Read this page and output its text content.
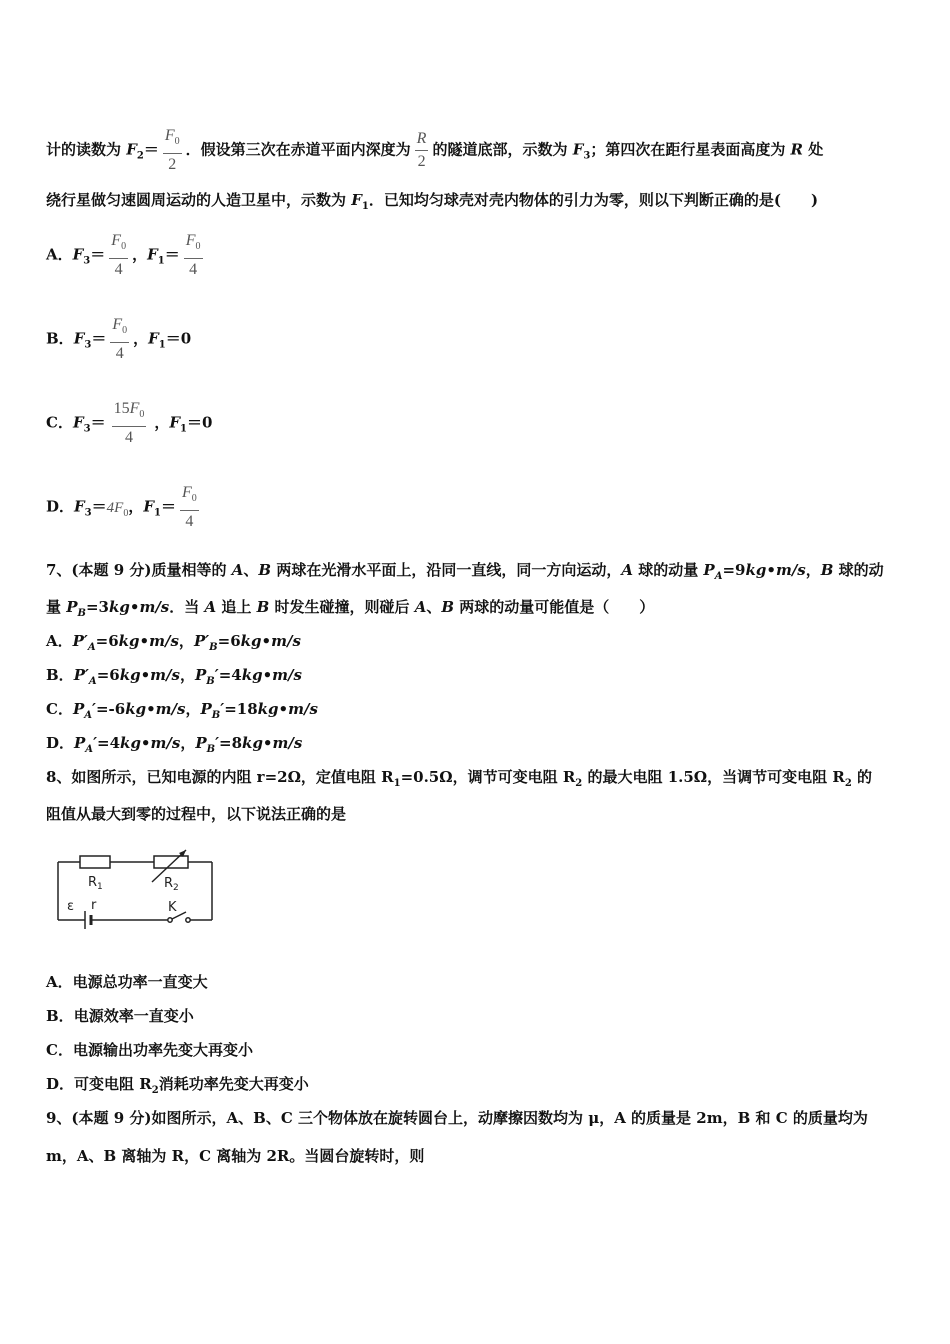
计的读数为 $F_2= \frac{F_0}{2}$ ．假设第三次在赤道平面内深度为 $\frac{R}{2}$ 的隧道底部，示数为 $F_3$；第四次在距行星表面高度为 R 处
绕行星做匀速圆周运动的人造卫星中，示数为 $F_1$．已知均匀球壳对壳内物体的引力为零，则以下判断正确的是(　　)
A．$F_3= \frac{F_0}{4}$ ，$F_1= \frac{F_0}{4}$
B．$F_3= \frac{F_0}{4}$ ，$F_1=0$
C．$F_3= \frac{15F_0}{4}$ ，$F_1=0$
D．$F_3=4F_0$，$F_1= \frac{F_0}{4}$
7、(本题 9 分)质量相等的 A、B 两球在光滑水平面上，沿同一直线，同一方向运动，A 球的动量 $P_A=9kg•m/s$，B 球的动
量 $P_B=3kg•m/s$．当 A 追上 B 时发生碰撞，则碰后 A、B 两球的动量可能值是（　　）
A．$P'_A=6kg•m/s$，$P'_B=6kg•m/s$
B．$P'_A=6kg•m/s$，$P_B'=4kg•m/s$
C．$P_A'=-6kg•m/s$，$P_B'=18kg•m/s$
D．$P_A'=4kg•m/s$，$P_B'=8kg•m/s$
8、如图所示，已知电源的内阻 r=2Ω，定值电阻 $R_1=0.5\Omega$，调节可变电阻 $R_2$ 的最大电阻 1.5Ω，当调节可变电阻 $R_2$ 的
阻值从最大到零的过程中，以下说法正确的是
$R_1$	$R_2$
ε r	K
A．电源总功率一直变大
B．电源效率一直变小
C．电源输出功率先变大再变小
D．可变电阻 $R_2$消耗功率先变大再变小
9、(本题 9 分)如图所示，A、B、C 三个物体放在旋转圆台上，动摩擦因数均为 μ，A 的质量是 2m，B 和 C 的质量均为
m，A、B 离轴为 R，C 离轴为 2R。当圆台旋转时，则
